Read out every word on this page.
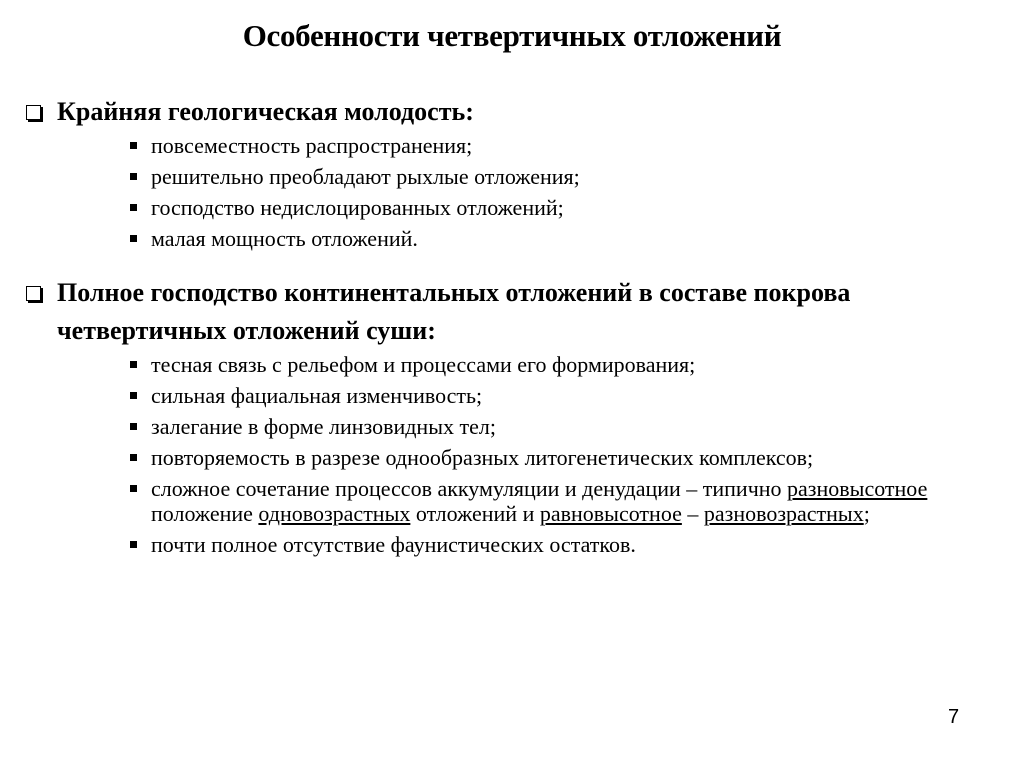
Особенности четвертичных отложений
Крайняя геологическая молодость:
повсеместность распространения;
решительно преобладают рыхлые отложения;
господство недислоцированных отложений;
малая мощность отложений.
Полное господство континентальных отложений в составе покрова четвертичных отложений суши:
тесная связь с рельефом и процессами его формирования;
сильная фациальная изменчивость;
залегание в форме линзовидных тел;
повторяемость в разрезе однообразных литогенетических комплексов;
сложное сочетание процессов аккумуляции и денудации – типично разновысотное положение одновозрастных отложений и равновысотное – разновозрастных;
почти полное отсутствие фаунистических остатков.
7
